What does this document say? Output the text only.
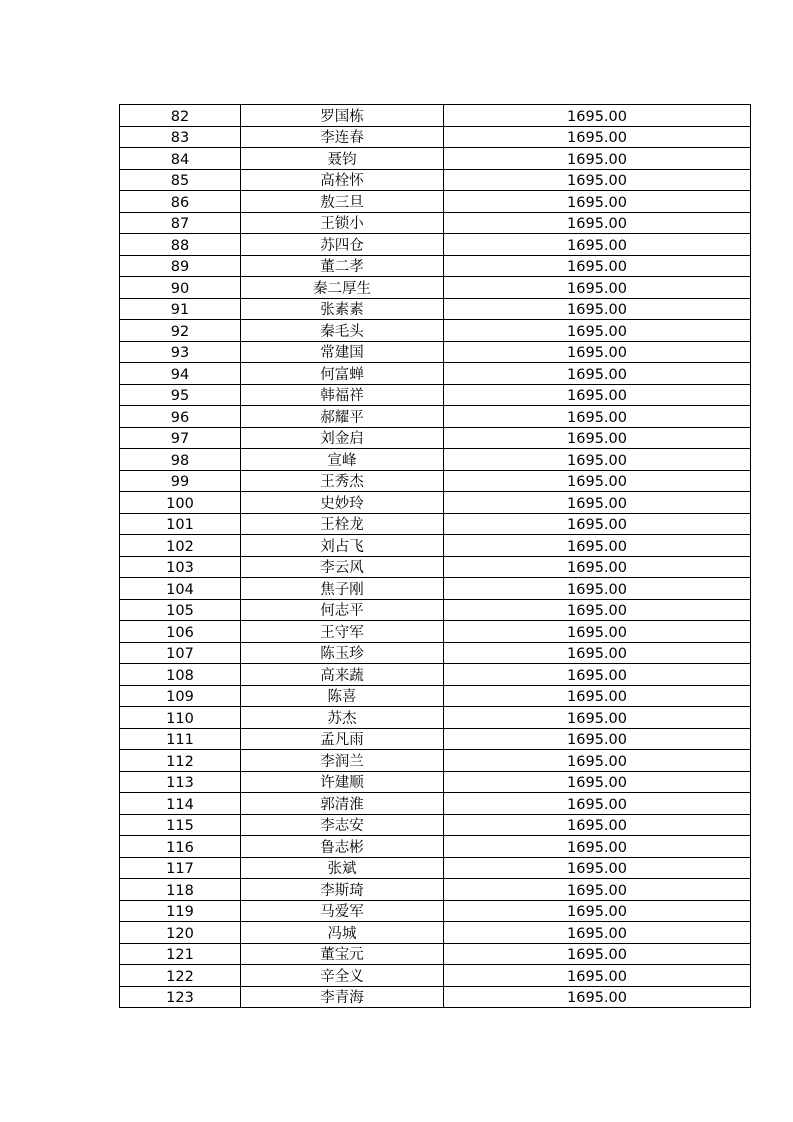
82	罗国栋	1695.00
83	李连春	1695.00
84	聂钧	1695.00
85	高栓怀	1695.00
86	敖三旦	1695.00
87	王锁小	1695.00
88	苏四仓	1695.00
89	董二孝	1695.00
90	秦二厚生	1695.00
91	张素素	1695.00
92	秦毛头	1695.00
93	常建国	1695.00
94	何富蝉	1695.00
95	韩福祥	1695.00
96	郝耀平	1695.00
97	刘金启	1695.00
98	宣峰	1695.00
99	王秀杰	1695.00
100	史妙玲	1695.00
101	王栓龙	1695.00
102	刘占飞	1695.00
103	李云风	1695.00
104	焦子刚	1695.00
105	何志平	1695.00
106	王守军	1695.00
107	陈玉珍	1695.00
108	高来蔬	1695.00
109	陈喜	1695.00
110	苏杰	1695.00
111	孟凡雨	1695.00
112	李润兰	1695.00
113	许建顺	1695.00
114	郭清淮	1695.00
115	李志安	1695.00
116	鲁志彬	1695.00
117	张斌	1695.00
118	李斯琦	1695.00
119	马爱军	1695.00
120	冯城	1695.00
121	董宝元	1695.00
122	辛全义	1695.00
123	李青海	1695.00
